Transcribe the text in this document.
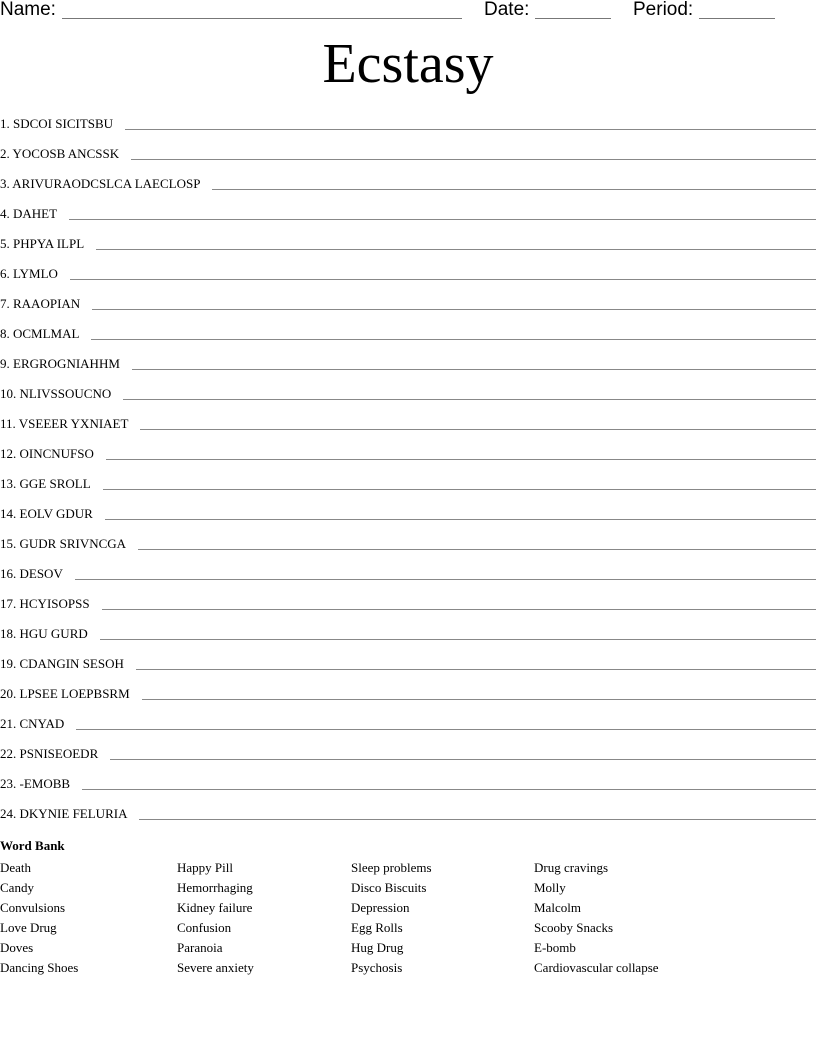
Name:	Date:	Period:
Ecstasy
1. SDCOI SICITSBU
2. YOCOSB ANCSSK
3. ARIVURAODCSLCA LAECLOSP
4. DAHET
5. PHPYA ILPL
6. LYMLO
7. RAAOPIAN
8. OCMLMAL
9. ERGROGNIAHHM
10. NLIVSSOUCNO
11. VSEEER YXNIAET
12. OINCNUFSO
13. GGE SROLL
14. EOLV GDUR
15. GUDR SRIVNCGA
16. DESOV
17. HCYISOPSS
18. HGU GURD
19. CDANGIN SESOH
20. LPSEE LOEPBSRM
21. CNYAD
22. PSNISEOEDR
23. -EMOBB
24. DKYNIE FELURIA
Word Bank
Death
Candy
Convulsions
Love Drug
Doves
Dancing Shoes
Happy Pill
Hemorrhaging
Kidney failure
Confusion
Paranoia
Severe anxiety
Sleep problems
Disco Biscuits
Depression
Egg Rolls
Hug Drug
Psychosis
Drug cravings
Molly
Malcolm
Scooby Snacks
E-bomb
Cardiovascular collapse
